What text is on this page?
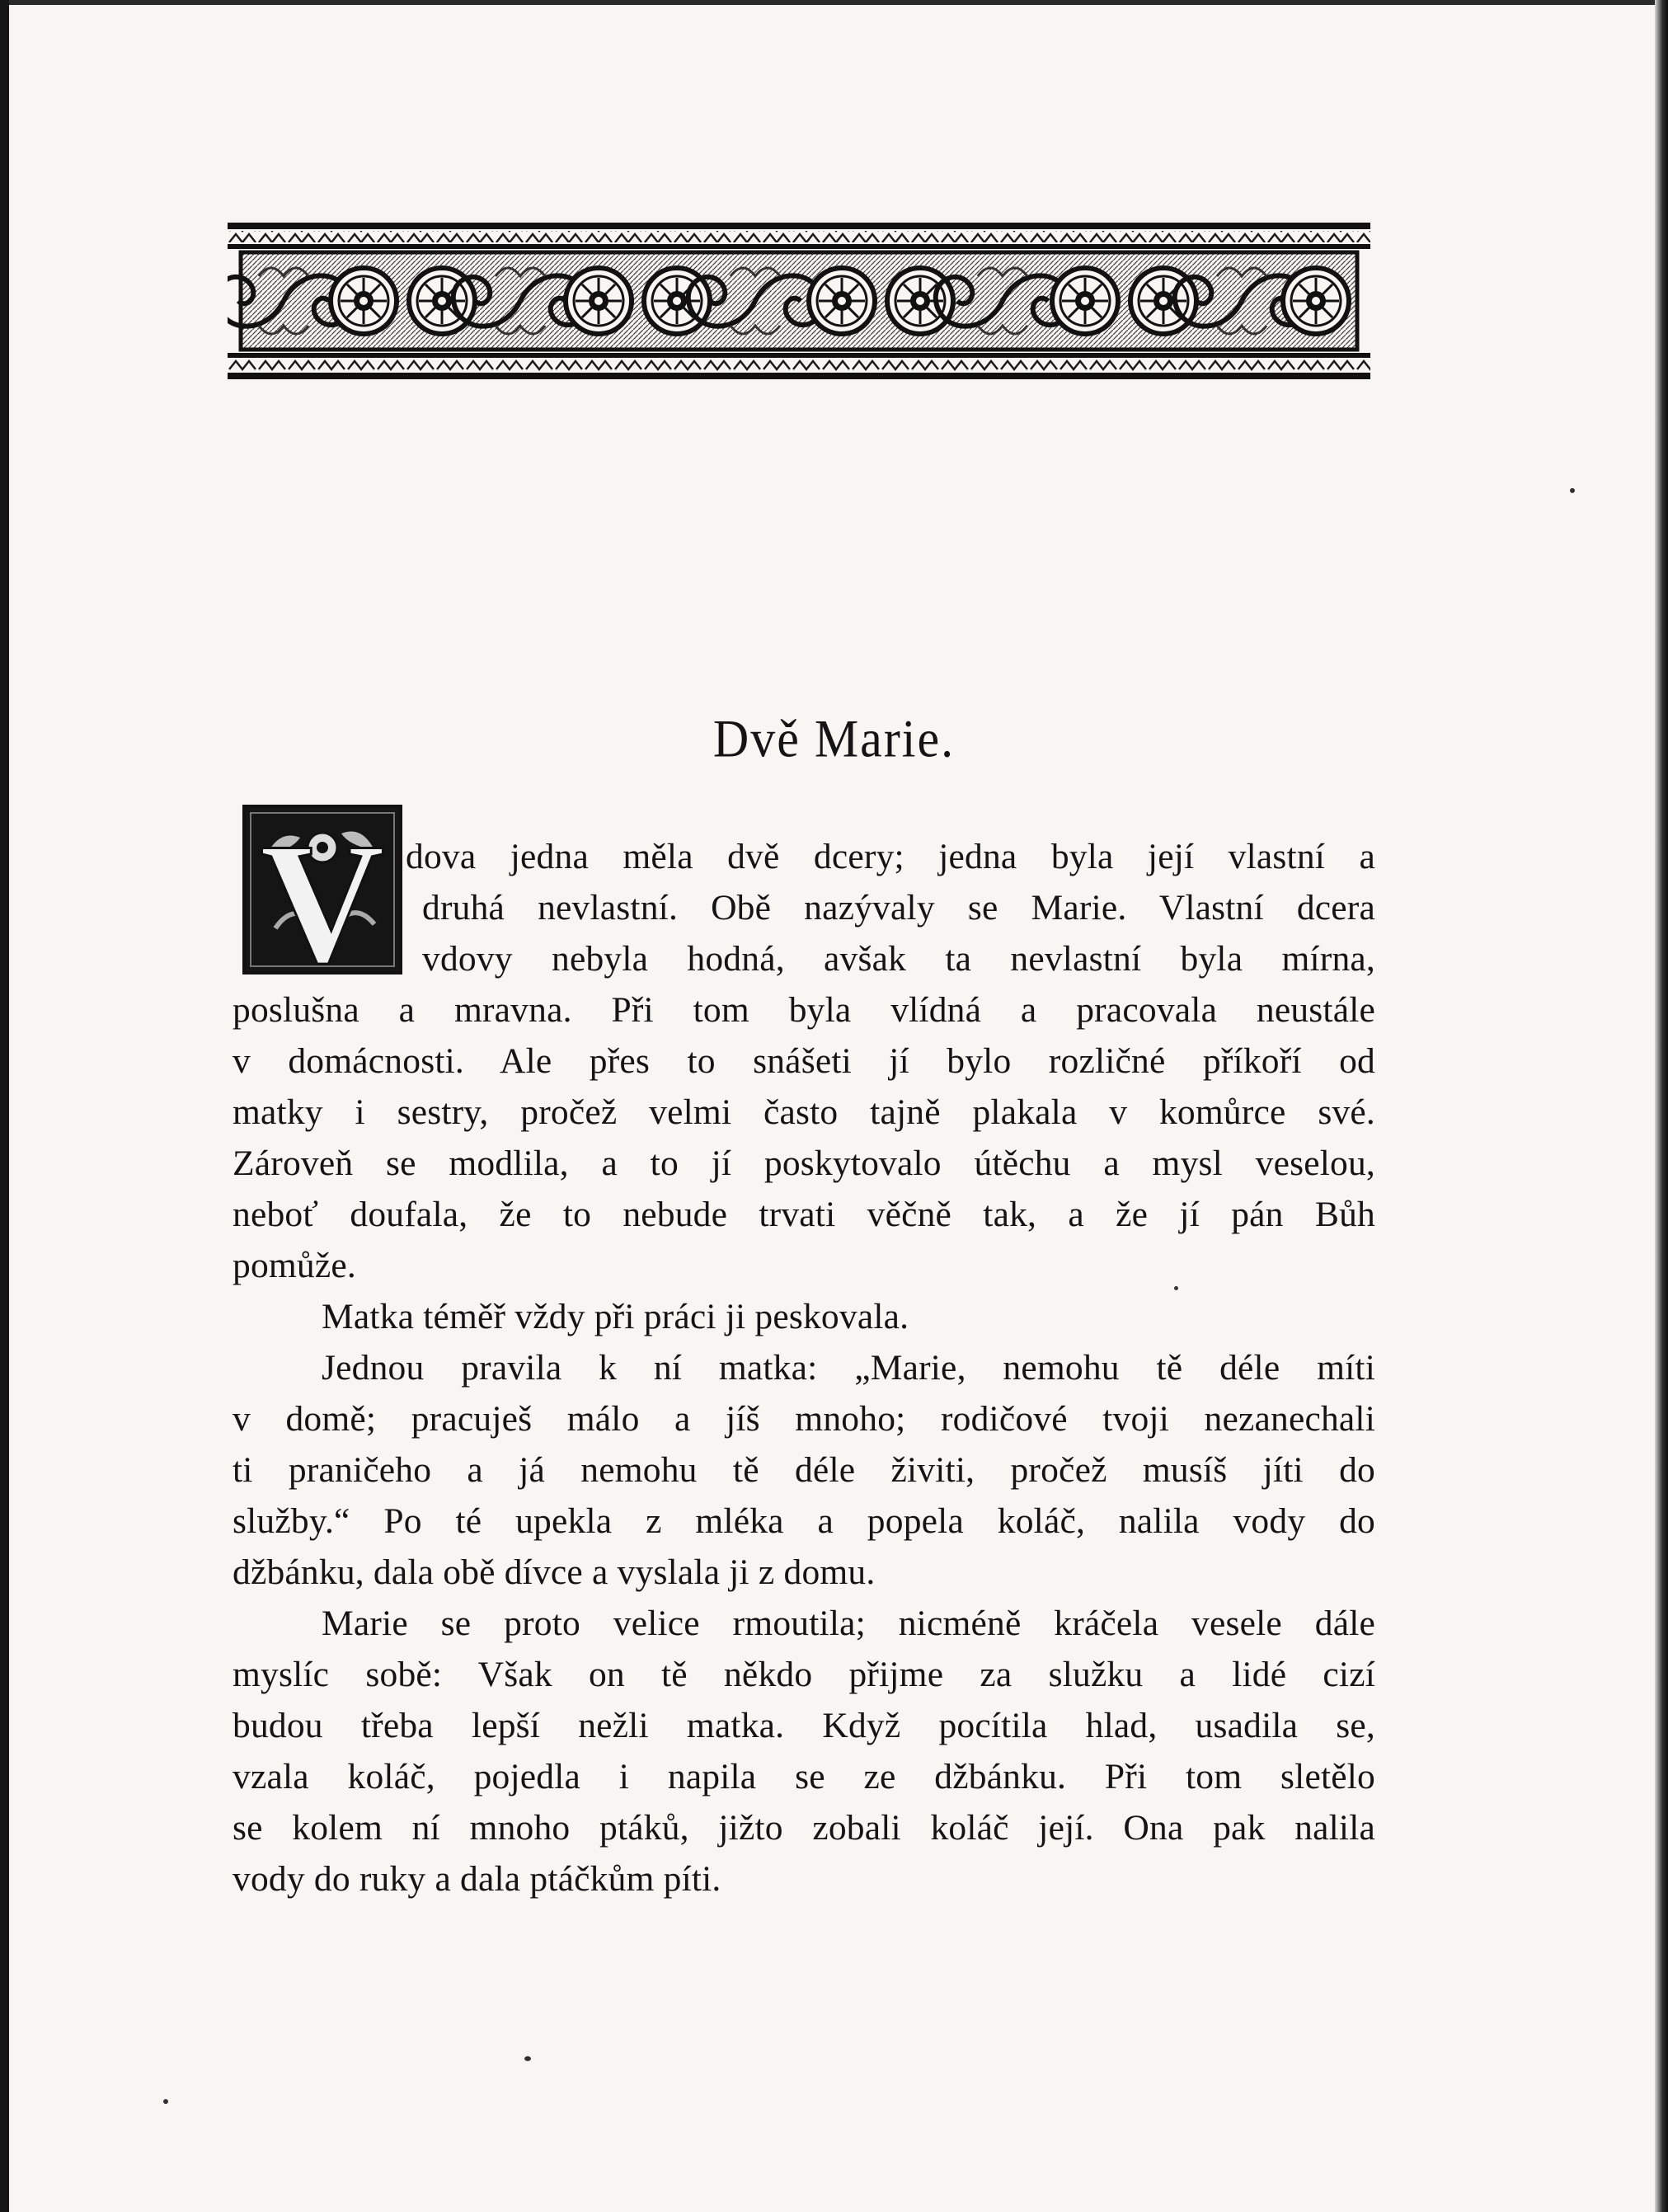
Dvě Marie.
V dova jedna měla dvě dcery; jedna byla její vlastní a
druhá nevlastní. Obě nazývaly se Marie. Vlastní dcera
vdovy nebyla hodná, avšak ta nevlastní byla mírna,
poslušna a mravna. Při tom byla vlídná a pracovala neustále
v domácnosti. Ale přes to snášeti jí bylo rozličné příkoří od
matky i sestry, pročež velmi často tajně plakala v komůrce své.
Zároveň se modlila, a to jí poskytovalo útěchu a mysl veselou,
neboť doufala, že to nebude trvati věčně tak, a že jí pán Bůh
pomůže.
Matka téměř vždy při práci ji peskovala.
Jednou pravila k ní matka: „Marie, nemohu tě déle míti
v domě; pracuješ málo a jíš mnoho; rodičové tvoji nezanechali
ti praničeho a já nemohu tě déle živiti, pročež musíš jíti do
služby.“ Po té upekla z mléka a popela koláč, nalila vody do
džbánku, dala obě dívce a vyslala ji z domu.
Marie se proto velice rmoutila; nicméně kráčela vesele dále
myslíc sobě: Však on tě někdo přijme za služku a lidé cizí
budou třeba lepší nežli matka. Když pocítila hlad, usadila se,
vzala koláč, pojedla i napila se ze džbánku. Při tom sletělo
se kolem ní mnoho ptáků, jižto zobali koláč její. Ona pak nalila
vody do ruky a dala ptáčkům píti.
